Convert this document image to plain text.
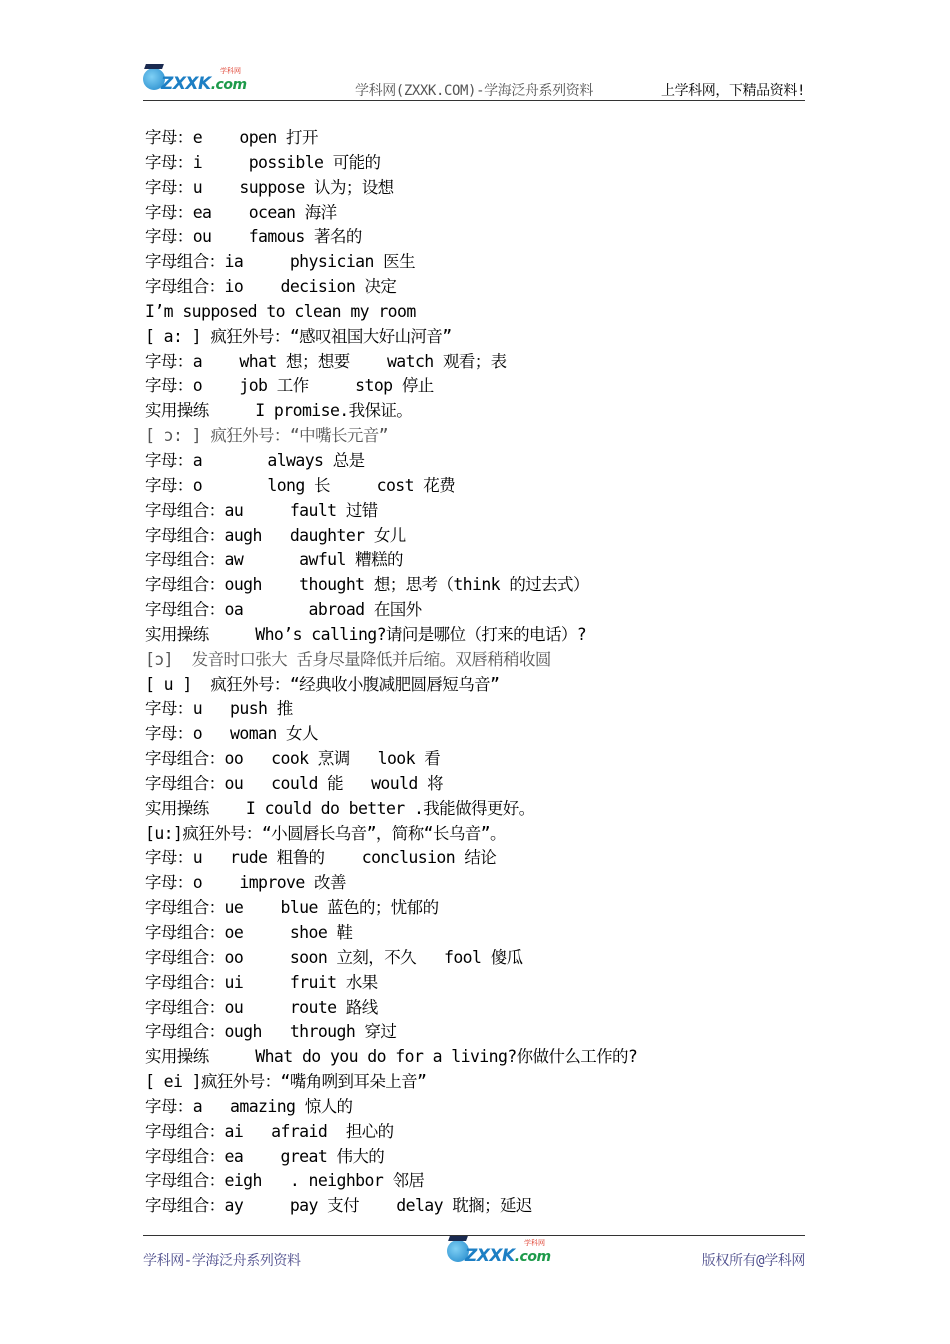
ZXXK.com
学科网
学科网(ZXXK.COM)-学海泛舟系列资料	上学科网，下精品资料!
字母：e    open 打开
字母：i     possible 可能的
字母：u    suppose 认为；设想
字母：ea    ocean 海洋
字母：ou    famous 著名的
字母组合：ia     physician 医生
字母组合：io    decision 决定
I’m supposed to clean my room
[ a: ] 疯狂外号：“感叹祖国大好山河音”
字母：a    what 想；想要    watch 观看；表
字母：o    job 工作     stop 停止
实用操练     I promise.我保证。
[ ɔ: ] 疯狂外号：“中嘴长元音”
字母：a       always 总是
字母：o       long 长     cost 花费
字母组合：au     fault 过错
字母组合：augh   daughter 女儿
字母组合：aw      awful 糟糕的
字母组合：ough    thought 想；思考（think 的过去式）
字母组合：oa       abroad 在国外
实用操练     Who’s calling?请问是哪位（打来的电话）?
[ɔ]  发音时口张大 舌身尽量降低并后缩。双唇稍稍收圆
[ u ]  疯狂外号：“经典收小腹减肥圆唇短乌音”
字母：u   push 推
字母：o   woman 女人
字母组合：oo   cook 烹调   look 看
字母组合：ou   could 能   would 将
实用操练    I could do better .我能做得更好。
[u:]疯狂外号：“小圆唇长乌音”，简称“长乌音”。
字母：u   rude 粗鲁的    conclusion 结论
字母：o    improve 改善
字母组合：ue    blue 蓝色的；忧郁的
字母组合：oe     shoe 鞋
字母组合：oo     soon 立刻，不久   fool 傻瓜
字母组合：ui     fruit 水果
字母组合：ou     route 路线
字母组合：ough   through 穿过
实用操练     What do you do for a living?你做什么工作的?
[ ei ]疯狂外号：“嘴角咧到耳朵上音”
字母：a   amazing 惊人的
字母组合：ai   afraid  担心的
字母组合：ea    great 伟大的
字母组合：eigh   . neighbor 邻居
字母组合：ay     pay 支付    delay 耽搁；延迟
学科网-学海泛舟系列资料	ZXXK.com
学科网
版权所有@学科网
